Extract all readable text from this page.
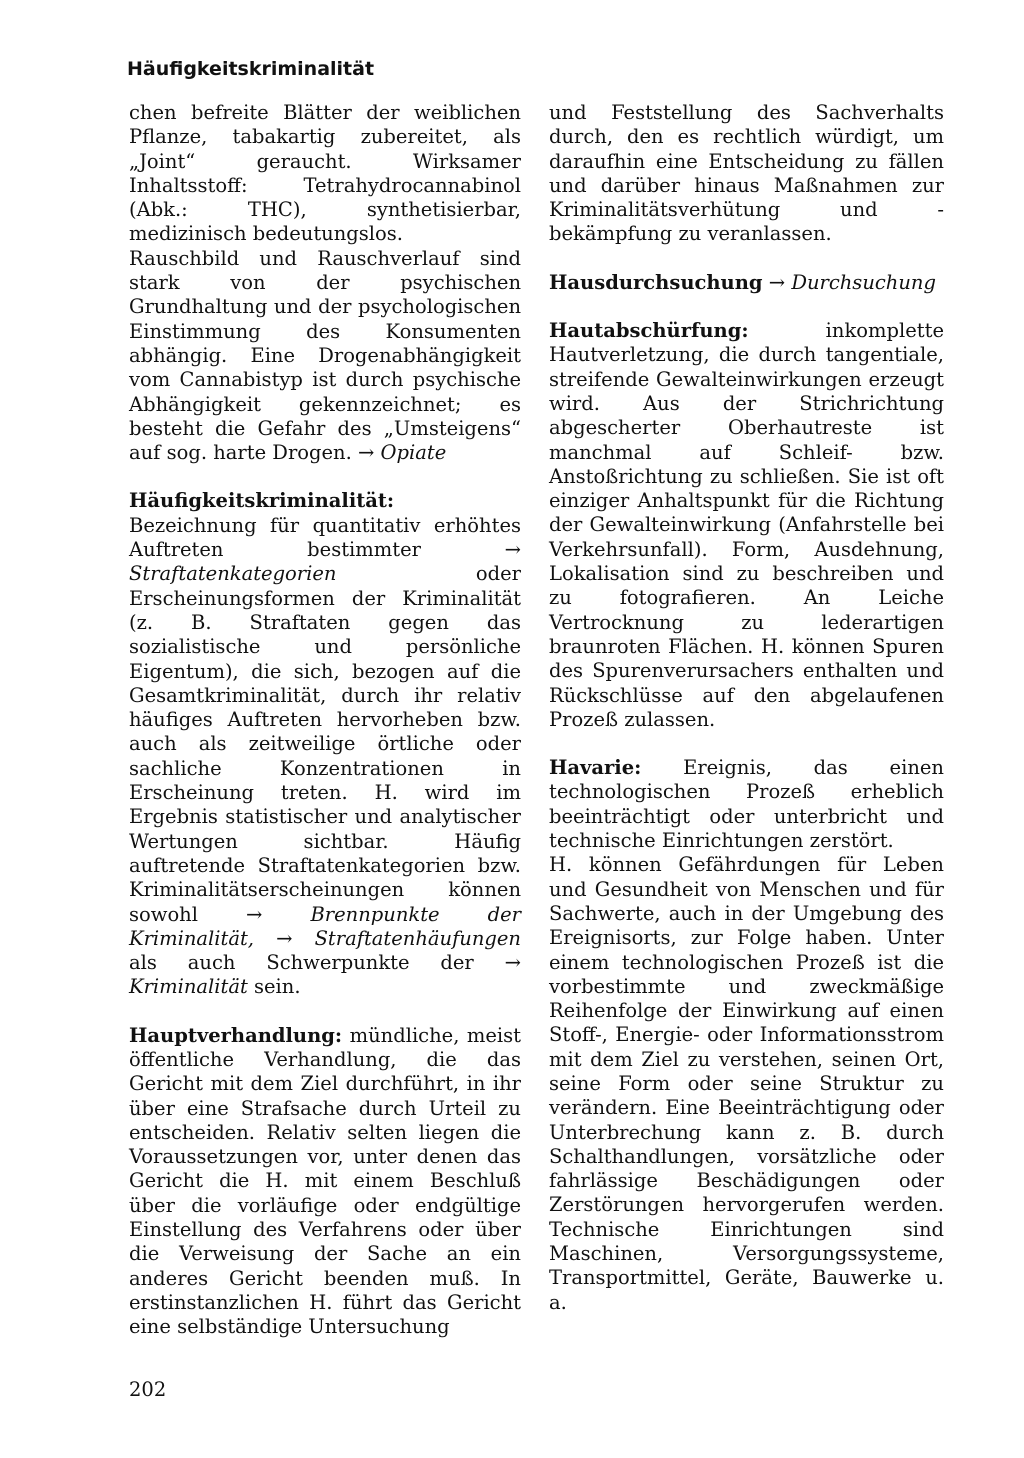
Häufigkeitskriminalität

chen befreite Blätter der weiblichen Pflanze, tabakartig zubereitet, als „Joint“ geraucht. Wirksamer Inhaltsstoff: Tetrahydrocannabinol (Abk.: THC), synthetisierbar, medizinisch bedeutungslos.

Rauschbild und Rauschverlauf sind stark von der psychischen Grundhaltung und der psychologischen Einstimmung des Konsumenten abhängig. Eine Drogenabhängigkeit vom Cannabistyp ist durch psychische Abhängigkeit gekennzeichnet; es besteht die Gefahr des „Umsteigens“ auf sog. harte Drogen. → Opiate

Häufigkeitskriminalität: Bezeichnung für quantitativ erhöhtes Auftreten bestimmter → Straftatenkategorien oder Erscheinungsformen der Kriminalität (z. B. Straftaten gegen das sozialistische und persönliche Eigentum), die sich, bezogen auf die Gesamtkriminalität, durch ihr relativ häufiges Auftreten hervorheben bzw. auch als zeitweilige örtliche oder sachliche Konzentrationen in Erscheinung treten. H. wird im Ergebnis statistischer und analytischer Wertungen sichtbar. Häufig auftretende Straftatenkategorien bzw. Kriminalitätserscheinungen können sowohl → Brennpunkte der Kriminalität, → Straftatenhäufungen als auch Schwerpunkte der → Kriminalität sein.

Hauptverhandlung: mündliche, meist öffentliche Verhandlung, die das Gericht mit dem Ziel durchführt, in ihr über eine Strafsache durch Urteil zu entscheiden. Relativ selten liegen die Voraussetzungen vor, unter denen das Gericht die H. mit einem Beschluß über die vorläufige oder endgültige Einstellung des Verfahrens oder über die Verweisung der Sache an ein anderes Gericht beenden muß. In erstinstanzlichen H. führt das Gericht eine selbständige Untersuchung

und Feststellung des Sachverhalts durch, den es rechtlich würdigt, um daraufhin eine Entscheidung zu fällen und darüber hinaus Maßnahmen zur Kriminalitätsverhütung und -bekämpfung zu veranlassen.

Hausdurchsuchung → Durchsuchung

Hautabschürfung: inkomplette Hautverletzung, die durch tangentiale, streifende Gewalteinwirkungen erzeugt wird. Aus der Strichrichtung abgescherter Oberhautreste ist manchmal auf Schleif- bzw. Anstoßrichtung zu schließen. Sie ist oft einziger Anhaltspunkt für die Richtung der Gewalteinwirkung (Anfahrstelle bei Verkehrsunfall). Form, Ausdehnung, Lokalisation sind zu beschreiben und zu fotografieren. An Leiche Vertrocknung zu lederartigen braunroten Flächen. H. können Spuren des Spurenverursachers enthalten und Rückschlüsse auf den abgelaufenen Prozeß zulassen.

Havarie: Ereignis, das einen technologischen Prozeß erheblich beeinträchtigt oder unterbricht und technische Einrichtungen zerstört.

H. können Gefährdungen für Leben und Gesundheit von Menschen und für Sachwerte, auch in der Umgebung des Ereignisorts, zur Folge haben. Unter einem technologischen Prozeß ist die vorbestimmte und zweckmäßige Reihenfolge der Einwirkung auf einen Stoff-, Energie- oder Informationsstrom mit dem Ziel zu verstehen, seinen Ort, seine Form oder seine Struktur zu verändern. Eine Beeinträchtigung oder Unterbrechung kann z. B. durch Schalthandlungen, vorsätzliche oder fahrlässige Beschädigungen oder Zerstörungen hervorgerufen werden. Technische Einrichtungen sind Maschinen, Versorgungssysteme, Transportmittel, Geräte, Bauwerke u. a.

202
